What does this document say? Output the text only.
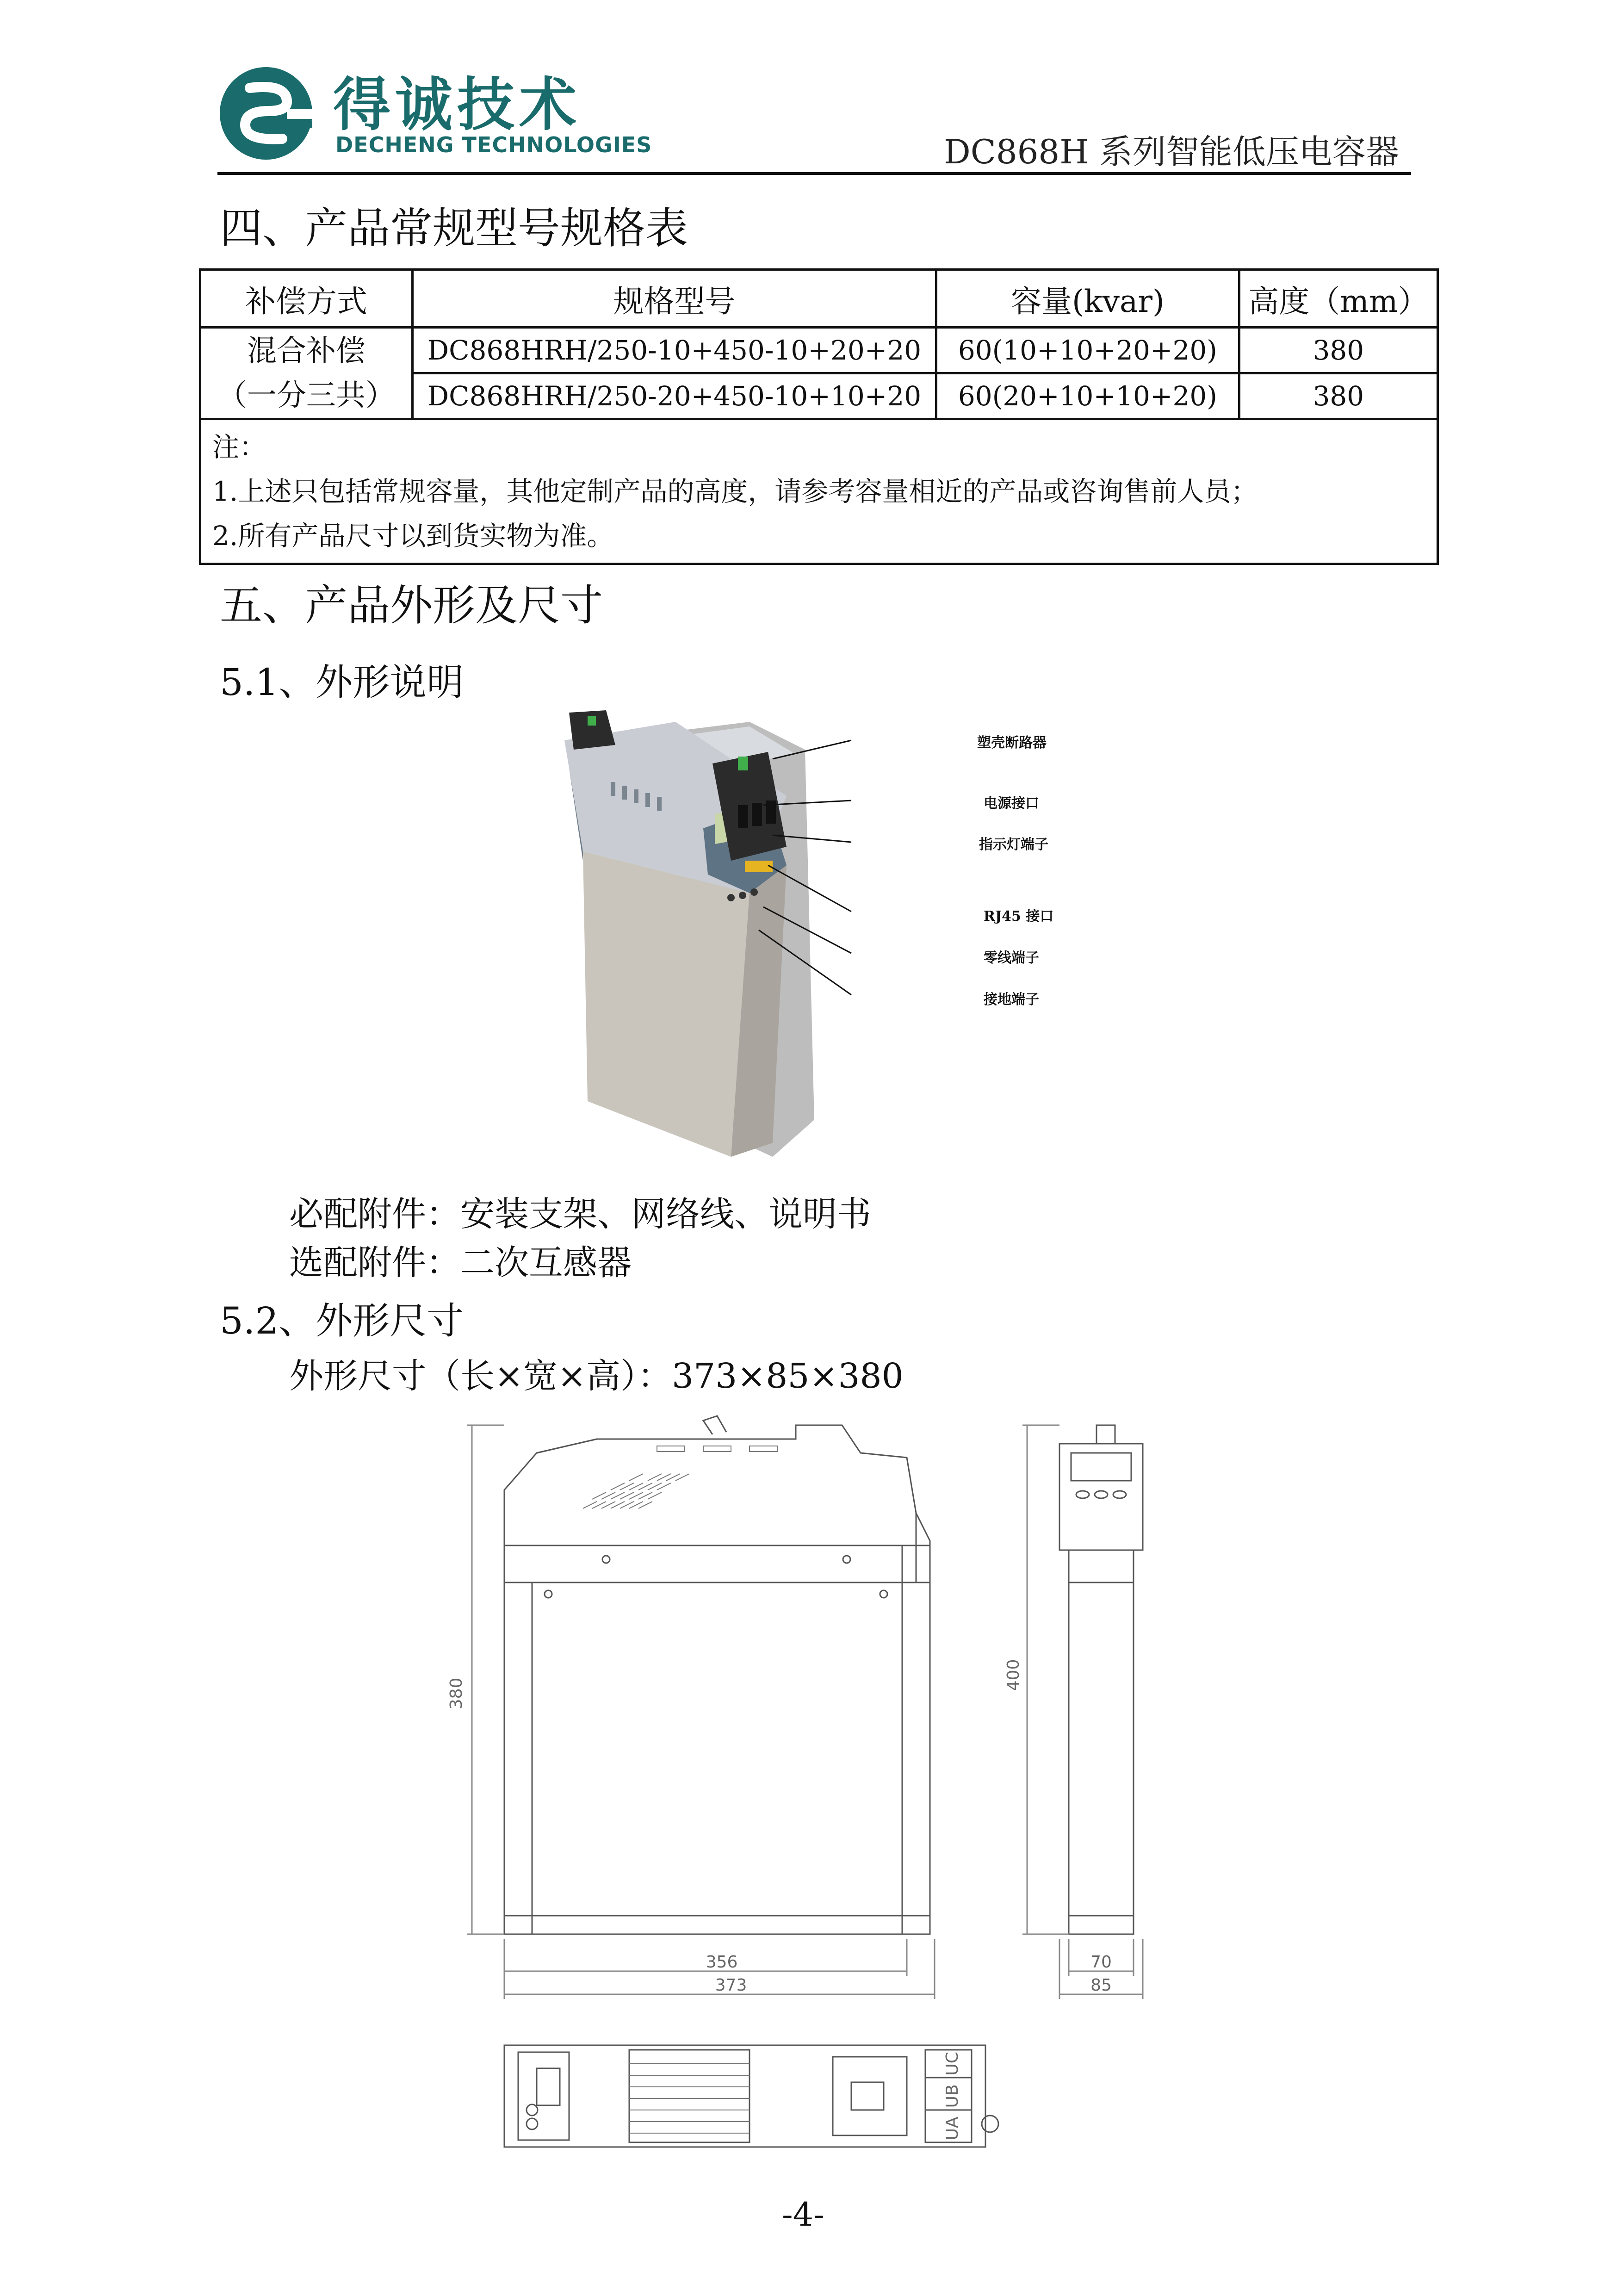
得诚技术
DECHENG TECHNOLOGIES	DC868H 系列智能低压电容器
四、产品常规型号规格表
补偿方式	规格型号	容量(kvar)	高度（mm）

混合补偿
（一分三共）	DC868HRH/250-10+450-10+20+20	60(10+10+20+20)	380
	DC868HRH/250-20+450-10+10+20	60(20+10+10+20)	380

注：
1.上述只包括常规容量，其他定制产品的高度，请参考容量相近的产品或咨询售前人员；
2.所有产品尺寸以到货实物为准。			
五、产品外形及尺寸
5.1、外形说明
塑壳断路器
电源接口
指示灯端子
RJ45 接口
零线端子
接地端子
必配附件：安装支架、网络线、说明书
选配附件：二次互感器
5.2、外形尺寸
外形尺寸（长×宽×高）：373×85×380
380
356
373
400
70
85
UC
UB
UA
-4-
